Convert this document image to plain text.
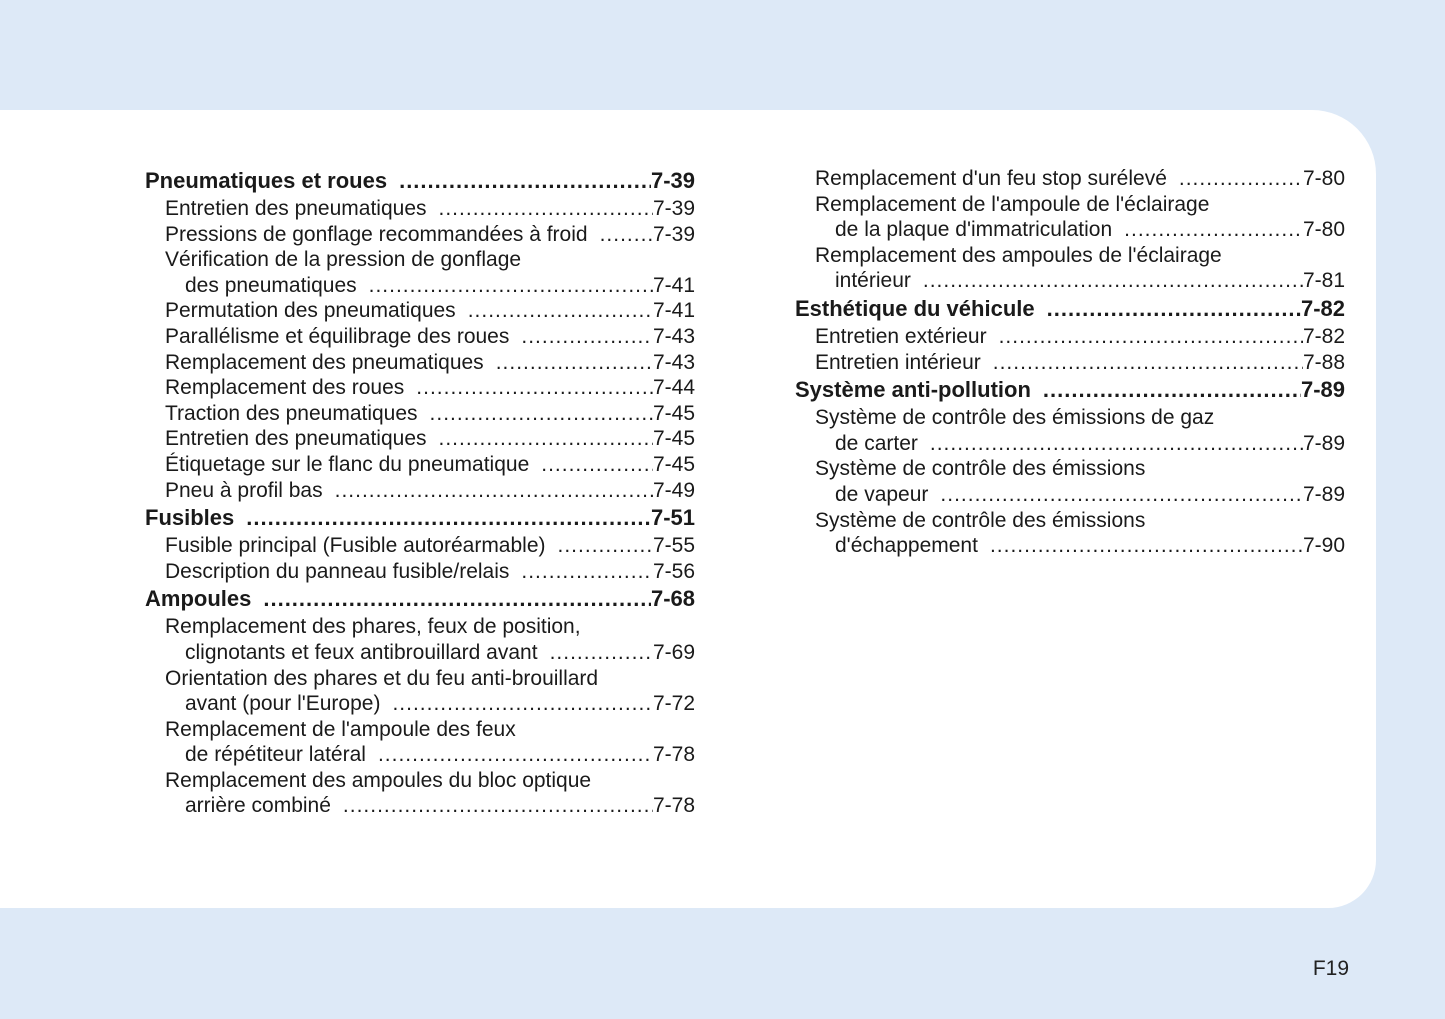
Pneumatiques et roues .....	7-39
Entretien des pneumatiques .....	7-39
Pressions de gonflage recommandées à froid .....	7-39
Vérification de la pression de gonflage
des pneumatiques .....	7-41
Permutation des pneumatiques .....	7-41
Parallélisme et équilibrage des roues .....	7-43
Remplacement des pneumatiques .....	7-43
Remplacement des roues .....	7-44
Traction des pneumatiques .....	7-45
Entretien des pneumatiques .....	7-45
Étiquetage sur le flanc du pneumatique .....	7-45
Pneu à profil bas .....	7-49
Fusibles .....	7-51
Fusible principal (Fusible autoréarmable) .....	7-55
Description du panneau fusible/relais .....	7-56
Ampoules .....	7-68
Remplacement des phares, feux de position,
clignotants et feux antibrouillard avant .....	7-69
Orientation des phares et du feu anti-brouillard
avant (pour l'Europe) .....	7-72
Remplacement de l'ampoule des feux
de répétiteur latéral .....	7-78
Remplacement des ampoules du bloc optique
arrière combiné .....	7-78
Remplacement d'un feu stop surélevé .....	7-80
Remplacement de l'ampoule de l'éclairage
de la plaque d'immatriculation .....	7-80
Remplacement des ampoules de l'éclairage
intérieur .....	7-81
Esthétique du véhicule .....	7-82
Entretien extérieur .....	7-82
Entretien intérieur .....	7-88
Système anti-pollution .....	7-89
Système de contrôle des émissions de gaz
de carter .....	7-89
Système de contrôle des émissions
de vapeur .....	7-89
Système de contrôle des émissions
d'échappement .....	7-90
F19
